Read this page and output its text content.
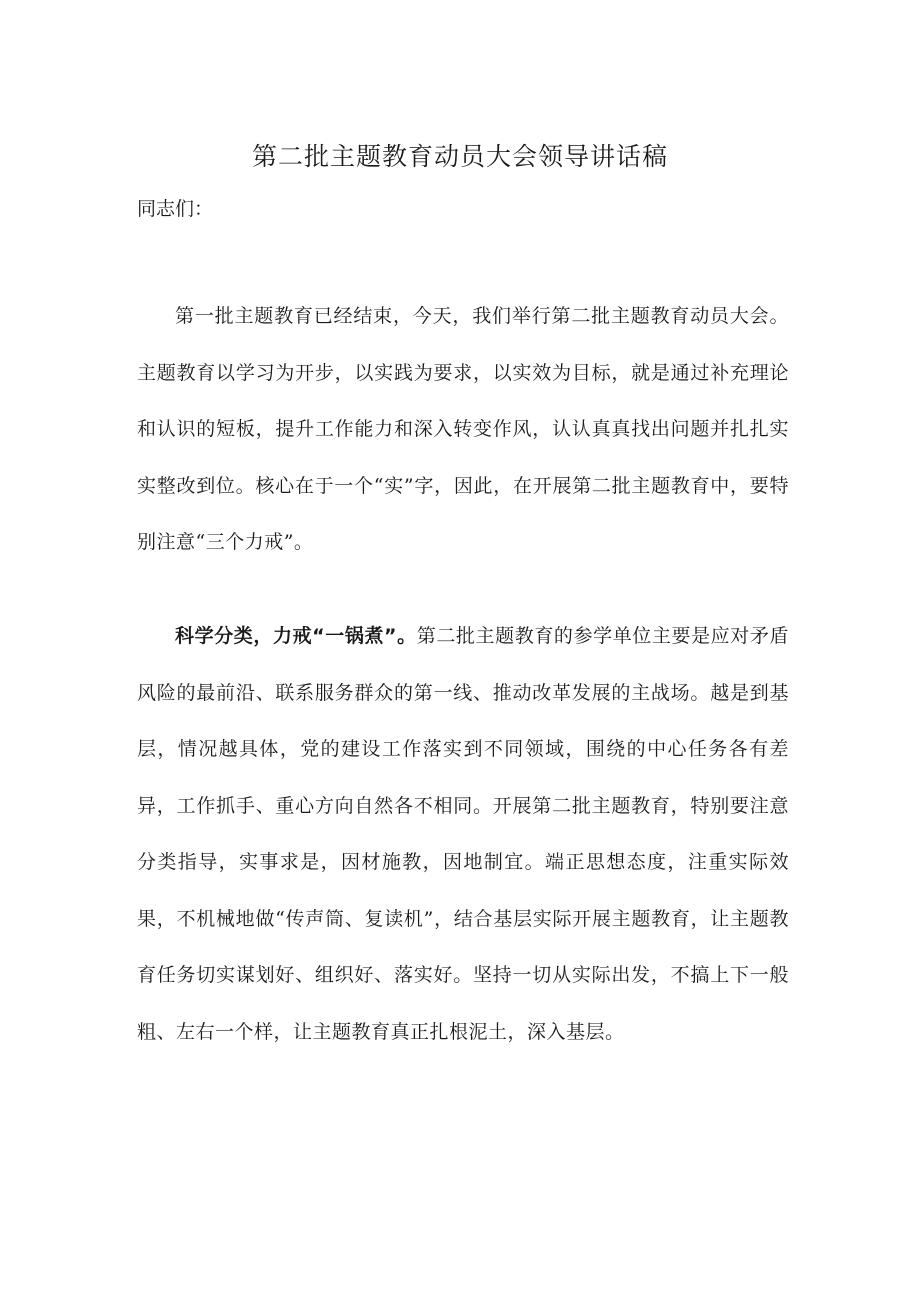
第二批主题教育动员大会领导讲话稿

同志们：

第一批主题教育已经结束，今天，我们举行第二批主题教育动员大会。主题教育以学习为开步，以实践为要求，以实效为目标，就是通过补充理论和认识的短板，提升工作能力和深入转变作风，认认真真找出问题并扎扎实实整改到位。核心在于一个“实”字，因此，在开展第二批主题教育中，要特别注意“三个力戒”。

科学分类，力戒“一锅煮”。第二批主题教育的参学单位主要是应对矛盾风险的最前沿、联系服务群众的第一线、推动改革发展的主战场。越是到基层，情况越具体，党的建设工作落实到不同领域，围绕的中心任务各有差异，工作抓手、重心方向自然各不相同。开展第二批主题教育，特别要注意分类指导，实事求是，因材施教，因地制宜。端正思想态度，注重实际效果，不机械地做“传声筒、复读机”，结合基层实际开展主题教育，让主题教育任务切实谋划好、组织好、落实好。坚持一切从实际出发，不搞上下一般粗、左右一个样，让主题教育真正扎根泥土，深入基层。
